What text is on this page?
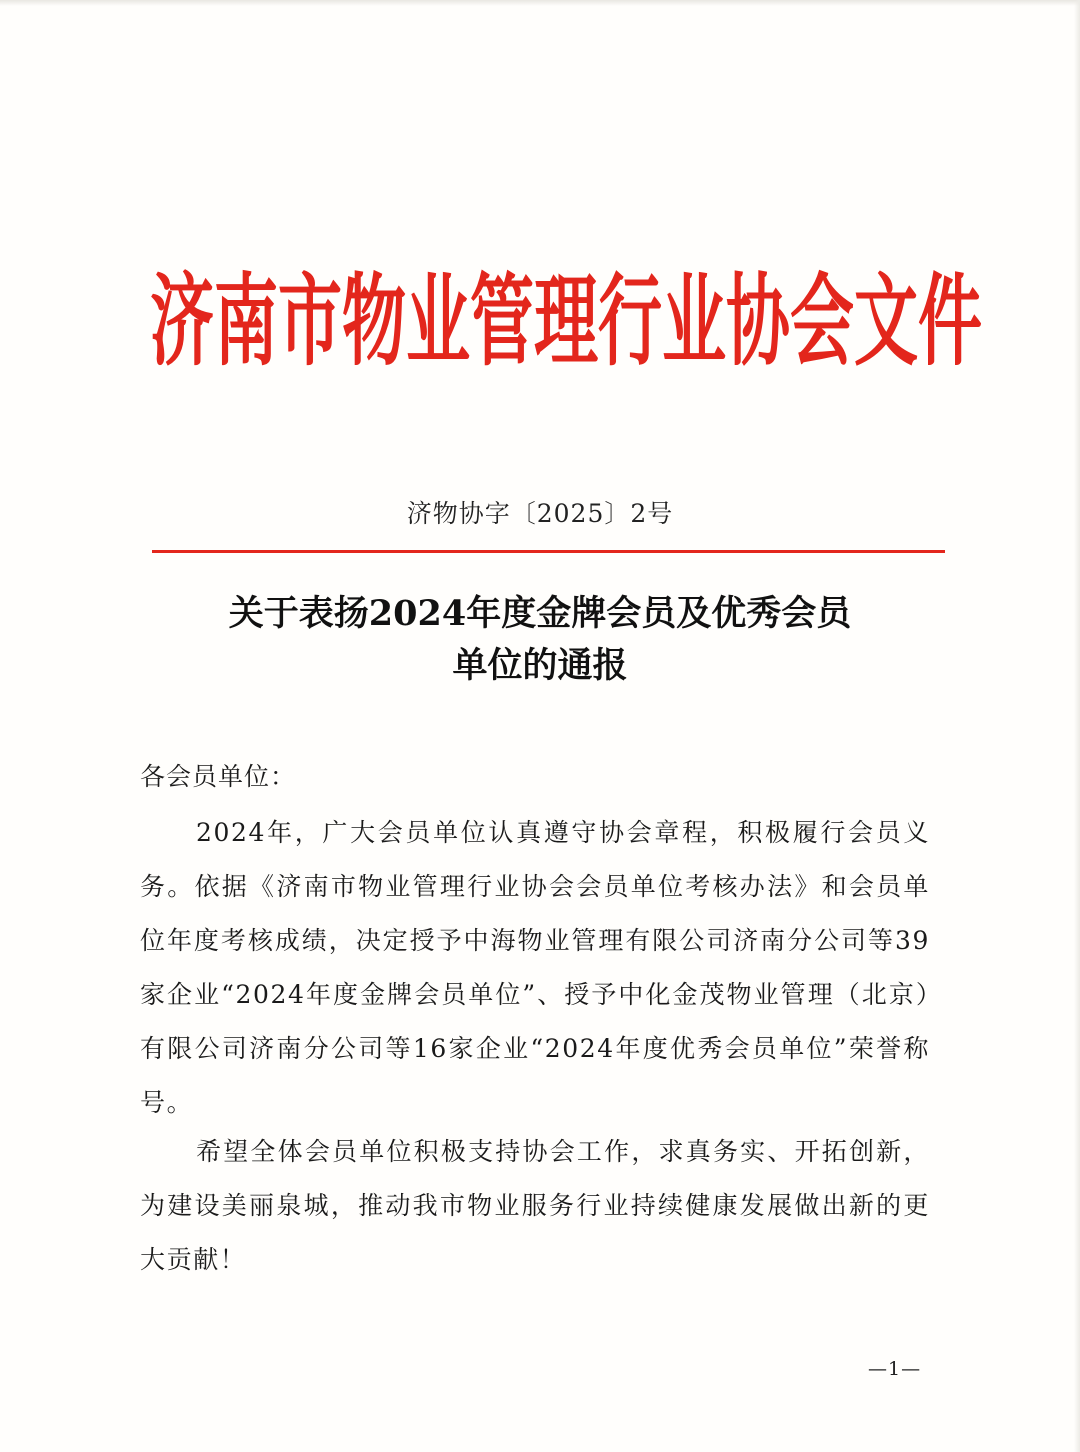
济南市物业管理行业协会文件
济物协字〔2025〕2号
关于表扬2024年度金牌会员及优秀会员
单位的通报
各会员单位：
2024年，广大会员单位认真遵守协会章程，积极履行会员义务。依据《济南市物业管理行业协会会员单位考核办法》和会员单位年度考核成绩，决定授予中海物业管理有限公司济南分公司等39家企业“2024年度金牌会员单位”、授予中化金茂物业管理（北京）有限公司济南分公司等16家企业“2024年度优秀会员单位”荣誉称号。
希望全体会员单位积极支持协会工作，求真务实、开拓创新，为建设美丽泉城，推动我市物业服务行业持续健康发展做出新的更大贡献！
—1—
